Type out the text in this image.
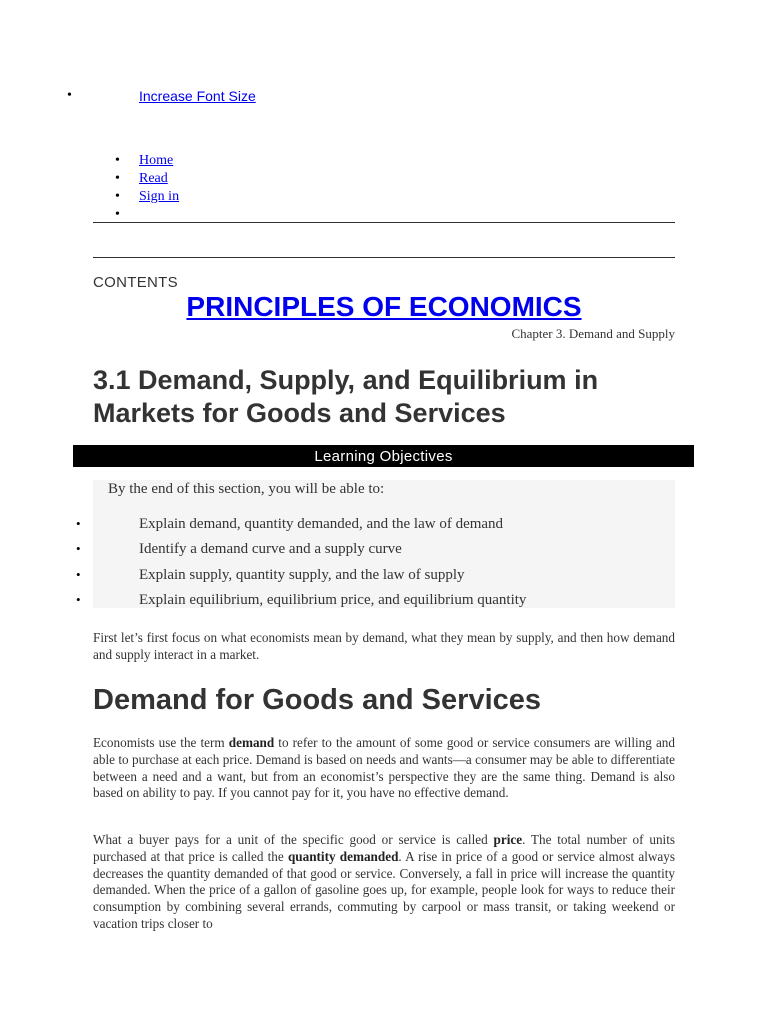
•	Increase Font Size
• Home
• Read
• Sign in
•
CONTENTS
PRINCIPLES OF ECONOMICS
Chapter 3. Demand and Supply
3.1 Demand, Supply, and Equilibrium in Markets for Goods and Services
Learning Objectives
By the end of this section, you will be able to:
• Explain demand, quantity demanded, and the law of demand
• Identify a demand curve and a supply curve
• Explain supply, quantity supply, and the law of supply
• Explain equilibrium, equilibrium price, and equilibrium quantity

First let’s first focus on what economists mean by demand, what they mean by supply, and then how demand and supply interact in a market.

Demand for Goods and Services

Economists use the term demand to refer to the amount of some good or service consumers are willing and able to purchase at each price. Demand is based on needs and wants—a consumer may be able to differentiate between a need and a want, but from an economist’s perspective they are the same thing. Demand is also based on ability to pay. If you cannot pay for it, you have no effective demand.

What a buyer pays for a unit of the specific good or service is called price. The total number of units purchased at that price is called the quantity demanded. A rise in price of a good or service almost always decreases the quantity demanded of that good or service. Conversely, a fall in price will increase the quantity demanded. When the price of a gallon of gasoline goes up, for example, people look for ways to reduce their consumption by combining several errands, commuting by carpool or mass transit, or taking weekend or vacation trips closer to
